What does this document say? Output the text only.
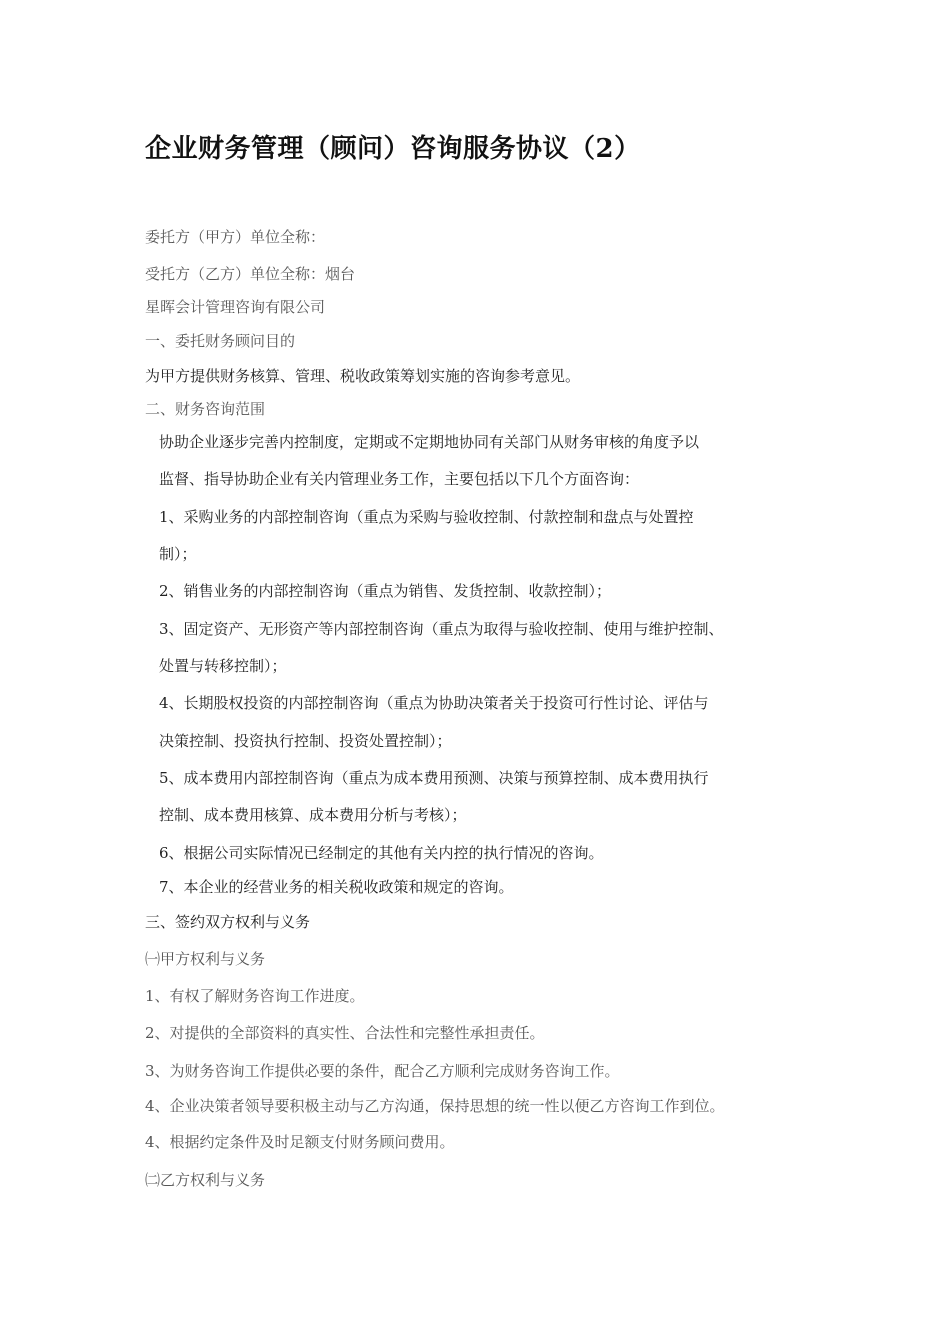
企业财务管理（顾问）咨询服务协议（2）
委托方（甲方）单位全称：
受托方（乙方）单位全称：烟台
星晖会计管理咨询有限公司
一、委托财务顾问目的
为甲方提供财务核算、管理、税收政策筹划实施的咨询参考意见。
二、财务咨询范围
协助企业逐步完善内控制度，定期或不定期地协同有关部门从财务审核的角度予以
监督、指导协助企业有关内管理业务工作，主要包括以下几个方面咨询：
1、采购业务的内部控制咨询（重点为采购与验收控制、付款控制和盘点与处置控
制）；
2、销售业务的内部控制咨询（重点为销售、发货控制、收款控制）；
3、固定资产、无形资产等内部控制咨询（重点为取得与验收控制、使用与维护控制、
处置与转移控制）；
4、长期股权投资的内部控制咨询（重点为协助决策者关于投资可行性讨论、评估与
决策控制、投资执行控制、投资处置控制）；
5、成本费用内部控制咨询（重点为成本费用预测、决策与预算控制、成本费用执行
控制、成本费用核算、成本费用分析与考核）；
6、根据公司实际情况已经制定的其他有关内控的执行情况的咨询。
7、本企业的经营业务的相关税收政策和规定的咨询。
三、签约双方权利与义务
㈠甲方权利与义务
1、有权了解财务咨询工作进度。
2、对提供的全部资料的真实性、合法性和完整性承担责任。
3、为财务咨询工作提供必要的条件，配合乙方顺利完成财务咨询工作。
4、企业决策者领导要积极主动与乙方沟通，保持思想的统一性以便乙方咨询工作到位。
4、根据约定条件及时足额支付财务顾问费用。
㈡乙方权利与义务
